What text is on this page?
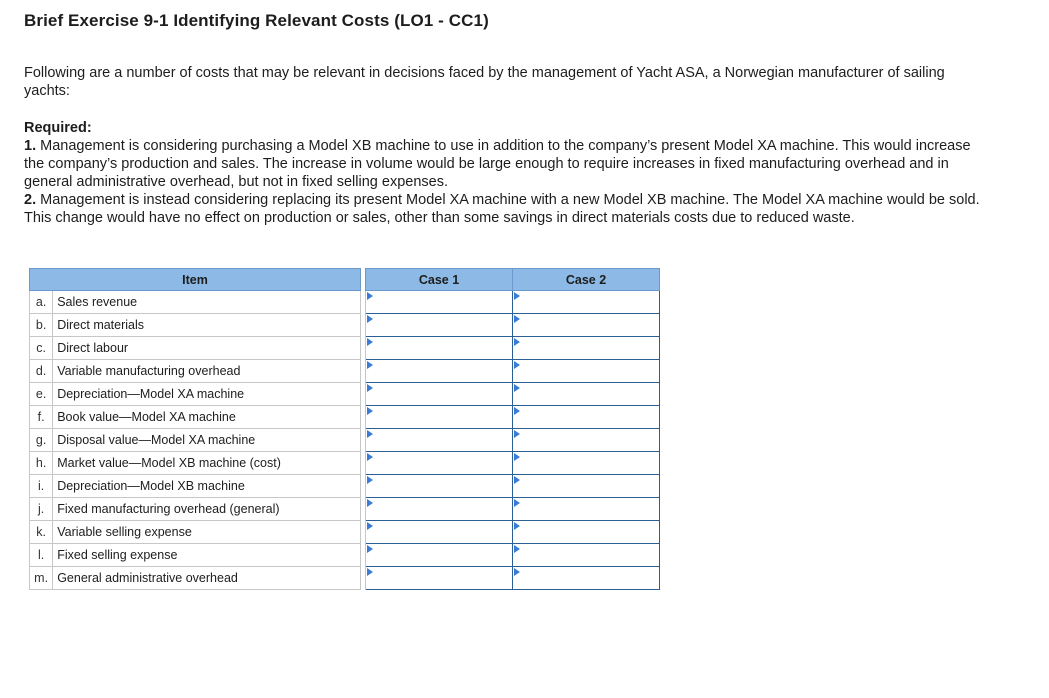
Brief Exercise 9-1 Identifying Relevant Costs (LO1 - CC1)

Following are a number of costs that may be relevant in decisions faced by the management of Yacht ASA, a Norwegian manufacturer of sailing yachts:

Required:

1. Management is considering purchasing a Model XB machine to use in addition to the company’s present Model XA machine. This would increase the company’s production and sales. The increase in volume would be large enough to require increases in fixed manufacturing overhead and in general administrative overhead, but not in fixed selling expenses.

2. Management is instead considering replacing its present Model XA machine with a new Model XB machine. The Model XA machine would be sold. This change would have no effect on production or sales, other than some savings in direct materials costs due to reduced waste.

Item			Case 1	Case 2
a.	Sales revenue		

b.	Direct materials		

c.	Direct labour		

d.	Variable manufacturing overhead		

e.	Depreciation—Model XA machine		

f.	Book value—Model XA machine		

g.	Disposal value—Model XA machine		

h.	Market value—Model XB machine (cost)		

i.	Depreciation—Model XB machine		

j.	Fixed manufacturing overhead (general)		

k.	Variable selling expense		

l.	Fixed selling expense		

m.	General administrative overhead		
